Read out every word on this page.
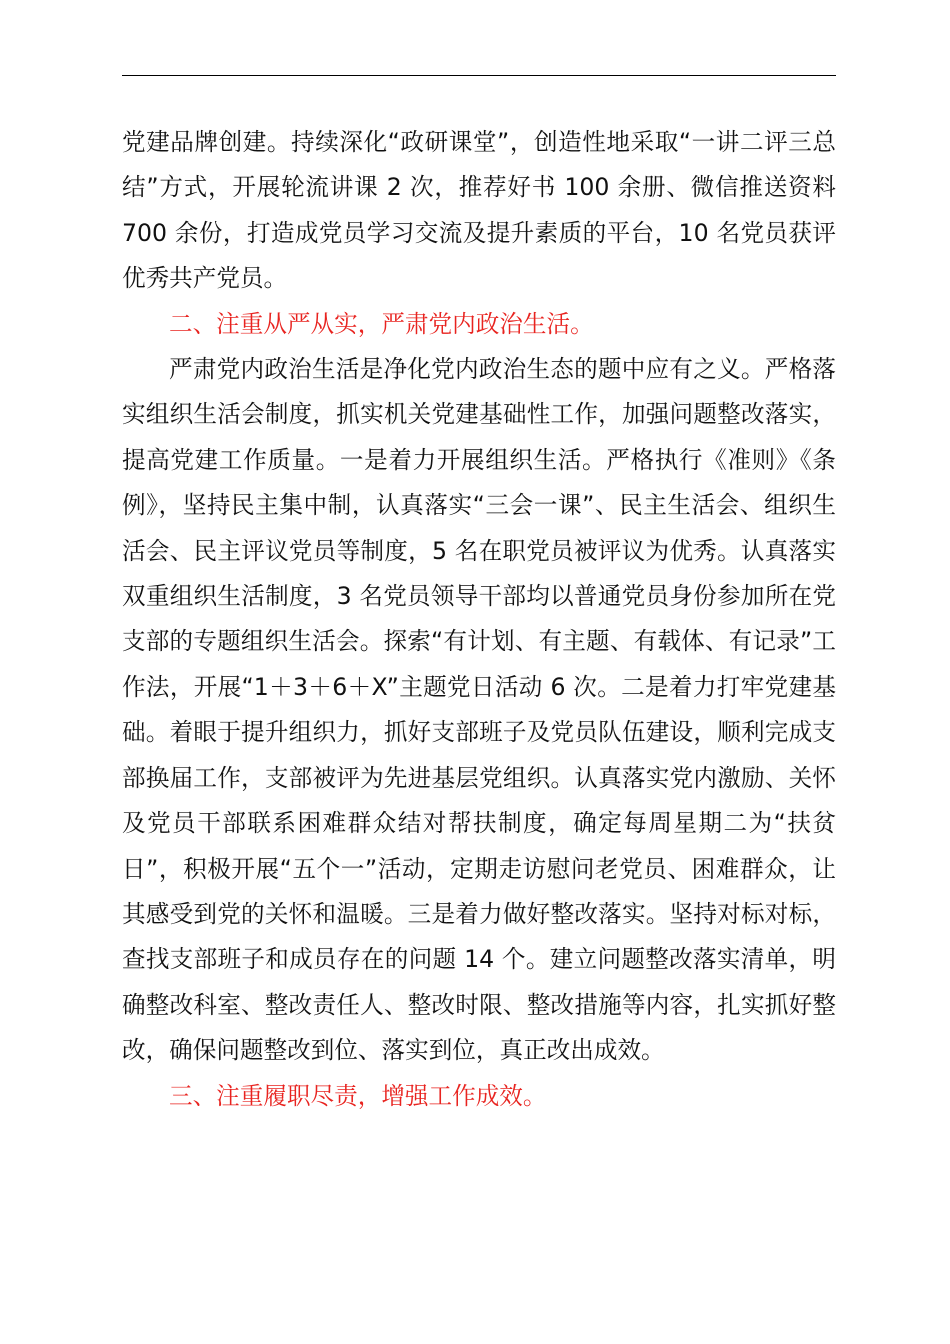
党建品牌创建。持续深化“政研课堂”，创造性地采取“一讲二评三总结”方式，开展轮流讲课 2 次，推荐好书 100 余册、微信推送资料 700 余份，打造成党员学习交流及提升素质的平台，10 名党员获评优秀共产党员。

二、注重从严从实，严肃党内政治生活。

严肃党内政治生活是净化党内政治生态的题中应有之义。严格落实组织生活会制度，抓实机关党建基础性工作，加强问题整改落实，提高党建工作质量。一是着力开展组织生活。严格执行《准则》《条例》，坚持民主集中制，认真落实“三会一课”、民主生活会、组织生活会、民主评议党员等制度，5 名在职党员被评议为优秀。认真落实双重组织生活制度，3 名党员领导干部均以普通党员身份参加所在党支部的专题组织生活会。探索“有计划、有主题、有载体、有记录”工作法，开展“1＋3＋6＋X”主题党日活动 6 次。二是着力打牢党建基础。着眼于提升组织力，抓好支部班子及党员队伍建设，顺利完成支部换届工作，支部被评为先进基层党组织。认真落实党内激励、关怀及党员干部联系困难群众结对帮扶制度，确定每周星期二为“扶贫日”，积极开展“五个一”活动，定期走访慰问老党员、困难群众，让其感受到党的关怀和温暖。三是着力做好整改落实。坚持对标对标，查找支部班子和成员存在的问题 14 个。建立问题整改落实清单，明确整改科室、整改责任人、整改时限、整改措施等内容，扎实抓好整改，确保问题整改到位、落实到位，真正改出成效。

三、注重履职尽责，增强工作成效。
